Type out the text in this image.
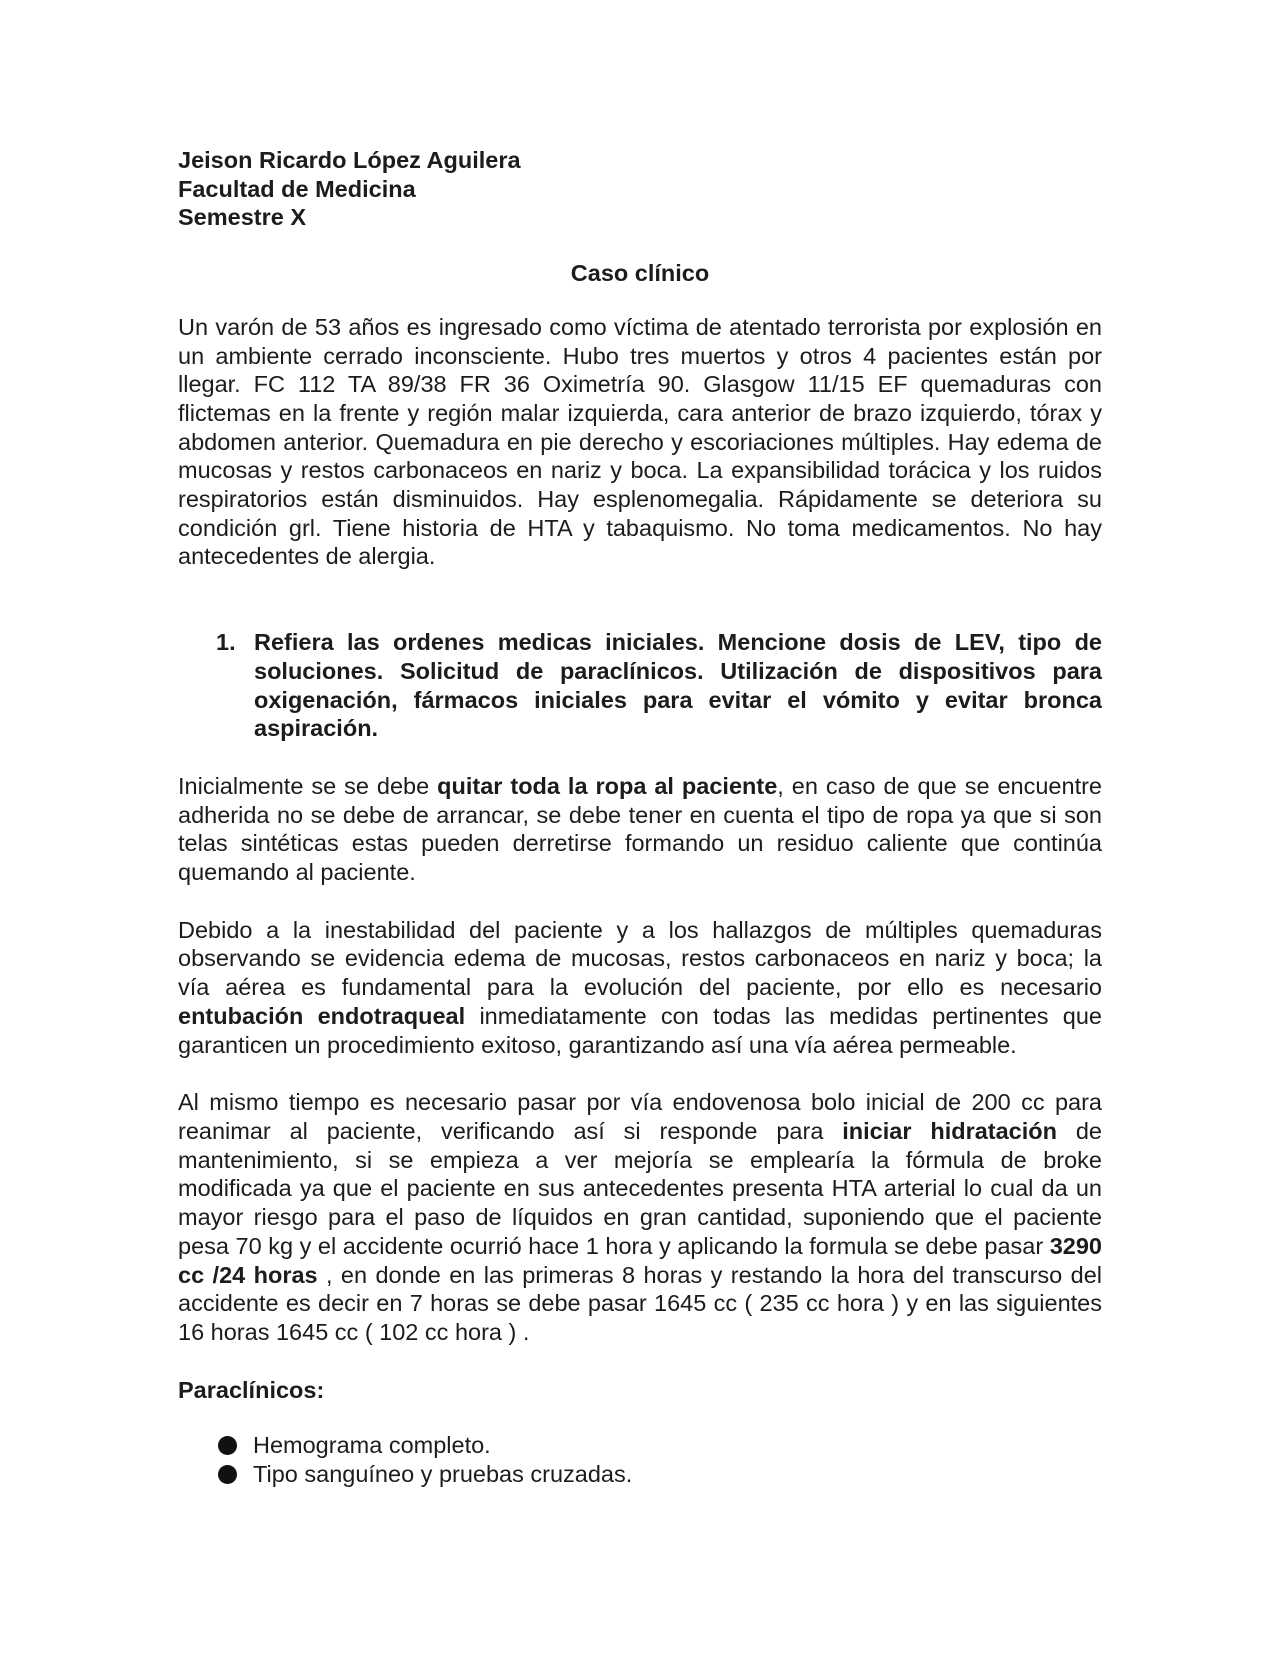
Jeison Ricardo López Aguilera
Facultad de Medicina
Semestre X
Caso clínico

Un varón de 53 años es ingresado como víctima de atentado terrorista por explosión en un ambiente cerrado inconsciente. Hubo tres muertos y otros 4 pacientes están por llegar. FC 112 TA 89/38 FR 36 Oximetría 90. Glasgow 11/15 EF quemaduras con flictemas en la frente y región malar izquierda, cara anterior de brazo izquierdo, tórax y abdomen anterior. Quemadura en pie derecho y escoriaciones múltiples. Hay edema de mucosas y restos carbonaceos en nariz y boca. La expansibilidad torácica y los ruidos respiratorios están disminuidos. Hay esplenomegalia. Rápidamente se deteriora su condición grl. Tiene historia de HTA y tabaquismo. No toma medicamentos. No hay antecedentes de alergia.

1. Refiera las ordenes medicas iniciales. Mencione dosis de LEV, tipo de soluciones. Solicitud de paraclínicos. Utilización de dispositivos para oxigenación, fármacos iniciales para evitar el vómito y evitar bronca aspiración.

Inicialmente se se debe quitar toda la ropa al paciente, en caso de que se encuentre adherida no se debe de arrancar, se debe tener en cuenta el tipo de ropa ya que si son telas sintéticas estas pueden derretirse formando un residuo caliente que continúa quemando al paciente.

Debido a la inestabilidad del paciente y a los hallazgos de múltiples quemaduras observando se evidencia edema de mucosas, restos carbonaceos en nariz y boca; la vía aérea es fundamental para la evolución del paciente, por ello es necesario entubación endotraqueal inmediatamente con todas las medidas pertinentes que garanticen un procedimiento exitoso, garantizando así una vía aérea permeable.

Al mismo tiempo es necesario pasar por vía endovenosa bolo inicial de 200 cc para reanimar al paciente, verificando así si responde para iniciar hidratación de mantenimiento, si se empieza a ver mejoría se emplearía la fórmula de broke modificada ya que el paciente en sus antecedentes presenta HTA arterial lo cual da un mayor riesgo para el paso de líquidos en gran cantidad, suponiendo que el paciente pesa 70 kg y el accidente ocurrió hace 1 hora y aplicando la formula se debe pasar 3290 cc /24 horas , en donde en las primeras 8 horas y restando la hora del transcurso del accidente es decir en 7 horas se debe pasar 1645 cc ( 235 cc hora ) y en las siguientes 16 horas 1645 cc ( 102 cc hora ) .

Paraclínicos:
Hemograma completo.
Tipo sanguíneo y pruebas cruzadas.
